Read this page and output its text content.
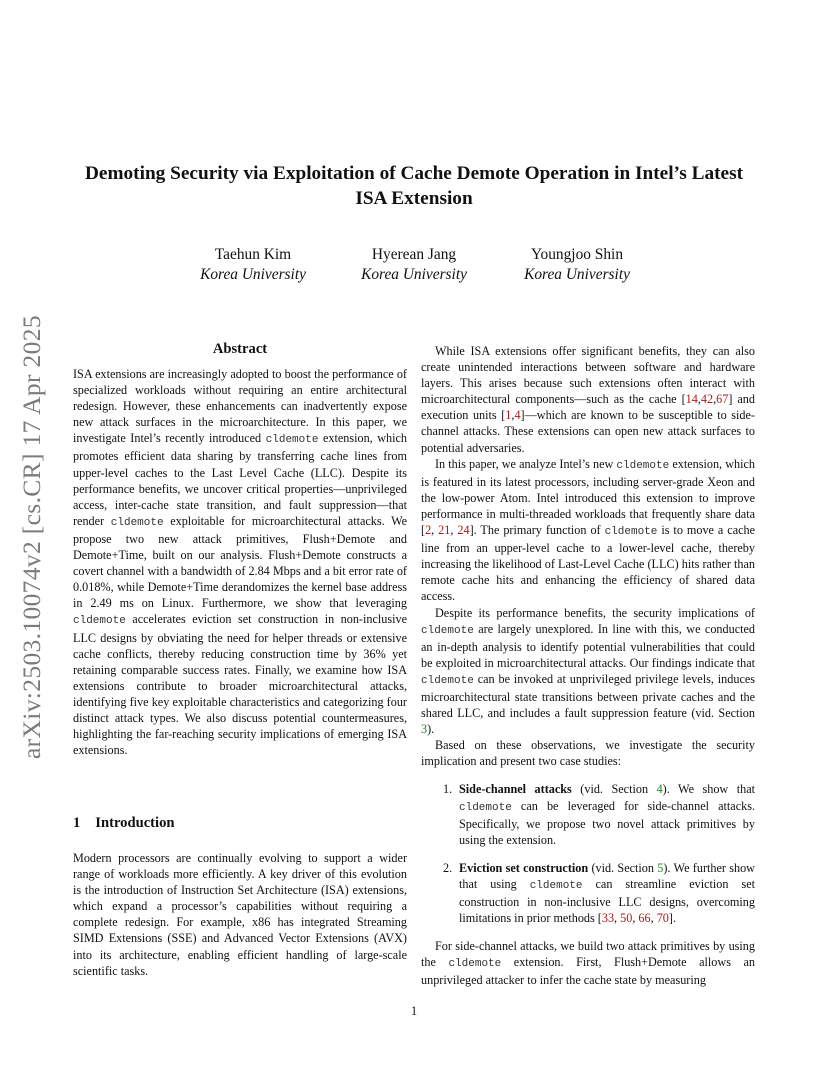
arXiv:2503.10074v2 [cs.CR] 17 Apr 2025
Demoting Security via Exploitation of Cache Demote Operation in Intel’s Latest ISA Extension
Taehun Kim
Korea University
Hyerean Jang
Korea University
Youngjoo Shin
Korea University
Abstract

ISA extensions are increasingly adopted to boost the performance of specialized workloads without requiring an entire architectural redesign. However, these enhancements can inadvertently expose new attack surfaces in the microarchitecture. In this paper, we investigate Intel’s recently introduced cldemote extension, which promotes efficient data sharing by transferring cache lines from upper-level caches to the Last Level Cache (LLC). Despite its performance benefits, we uncover critical properties—unprivileged access, inter-cache state transition, and fault suppression—that render cldemote exploitable for microarchitectural attacks. We propose two new attack primitives, Flush+Demote and Demote+Time, built on our analysis. Flush+Demote constructs a covert channel with a bandwidth of 2.84 Mbps and a bit error rate of 0.018%, while Demote+Time derandomizes the kernel base address in 2.49 ms on Linux. Furthermore, we show that leveraging cldemote accelerates eviction set construction in non-inclusive LLC designs by obviating the need for helper threads or extensive cache conflicts, thereby reducing construction time by 36% yet retaining comparable success rates. Finally, we examine how ISA extensions contribute to broader microarchitectural attacks, identifying five key exploitable characteristics and categorizing four distinct attack types. We also discuss potential countermeasures, highlighting the far-reaching security implications of emerging ISA extensions.

1 Introduction

Modern processors are continually evolving to support a wider range of workloads more efficiently. A key driver of this evolution is the introduction of Instruction Set Architecture (ISA) extensions, which expand a processor’s capabilities without requiring a complete redesign. For example, x86 has integrated Streaming SIMD Extensions (SSE) and Advanced Vector Extensions (AVX) into its architecture, enabling efficient handling of large-scale scientific tasks.

While ISA extensions offer significant benefits, they can also create unintended interactions between software and hardware layers. This arises because such extensions often interact with microarchitectural components—such as the cache [14,42,67] and execution units [1,4]—which are known to be susceptible to side-channel attacks. These extensions can open new attack surfaces to potential adversaries.

In this paper, we analyze Intel’s new cldemote extension, which is featured in its latest processors, including server-grade Xeon and the low-power Atom. Intel introduced this extension to improve performance in multi-threaded workloads that frequently share data [2, 21, 24]. The primary function of cldemote is to move a cache line from an upper-level cache to a lower-level cache, thereby increasing the likelihood of Last-Level Cache (LLC) hits rather than remote cache hits and enhancing the efficiency of shared data access.

Despite its performance benefits, the security implications of cldemote are largely unexplored. In line with this, we conducted an in-depth analysis to identify potential vulnerabilities that could be exploited in microarchitectural attacks. Our findings indicate that cldemote can be invoked at unprivileged privilege levels, induces microarchitectural state transitions between private caches and the shared LLC, and includes a fault suppression feature (vid. Section 3).

Based on these observations, we investigate the security implication and present two case studies:

1. Side-channel attacks (vid. Section 4). We show that cldemote can be leveraged for side-channel attacks. Specifically, we propose two novel attack primitives by using the extension.
2. Eviction set construction (vid. Section 5). We further show that using cldemote can streamline eviction set construction in non-inclusive LLC designs, overcoming limitations in prior methods [33, 50, 66, 70].

For side-channel attacks, we build two attack primitives by using the cldemote extension. First, Flush+Demote allows an unprivileged attacker to infer the cache state by measuring

1
